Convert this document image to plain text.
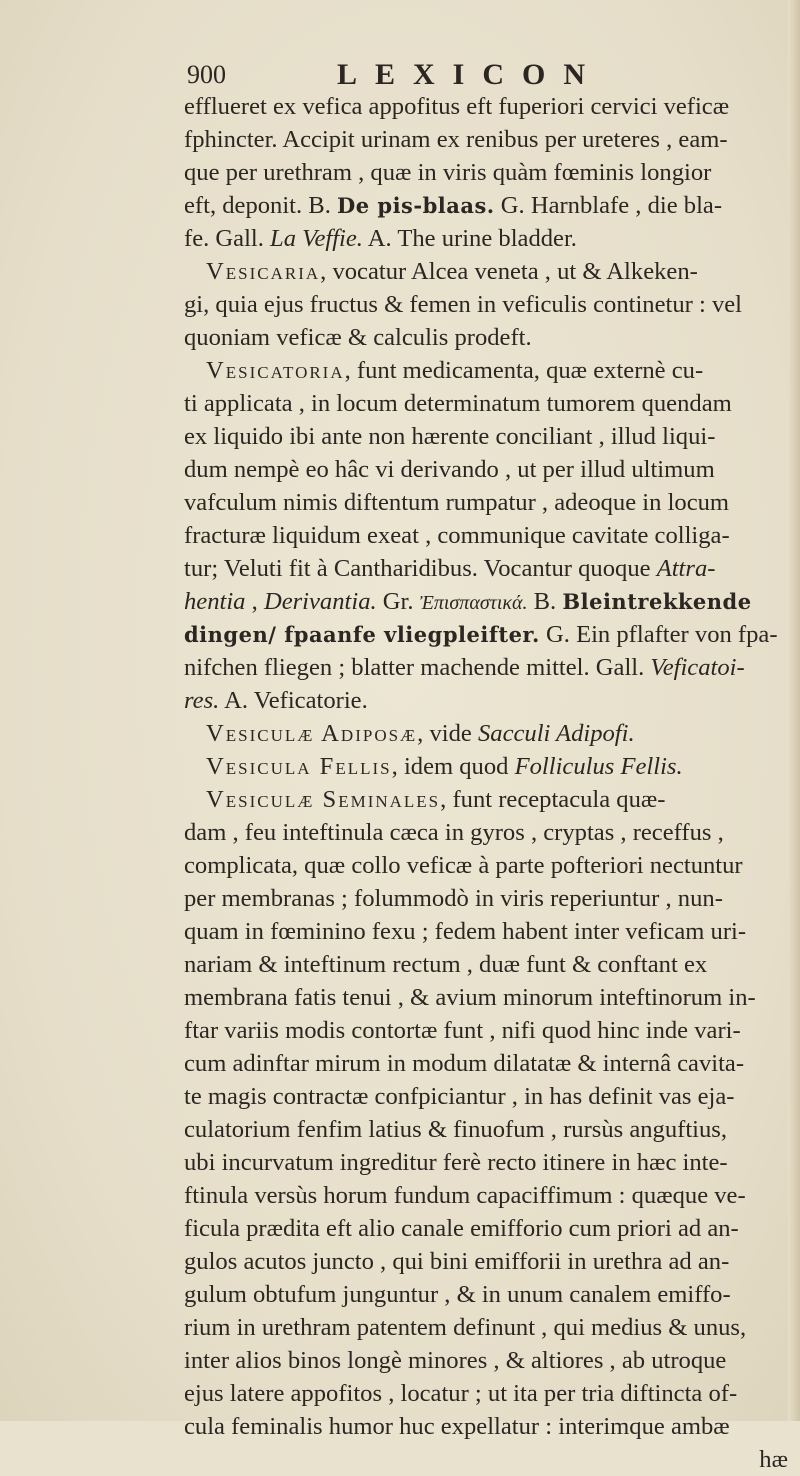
900	LEXICON
efflueret ex vefica appofitus eft fuperiori cervici veficæ
fphincter. Accipit urinam ex renibus per ureteres , eam-
que per urethram , quæ in viris quàm fœminis longior
eft, deponit. B. De pis-blaas. G. Harnblafe , die bla-
fe. Gall. La Veffie. A. The urine bladder.
Vesicaria, vocatur Alcea veneta , ut & Alkeken-
gi, quia ejus fructus & femen in veficulis continetur : vel
quoniam veficæ & calculis prodeft.
Vesicatoria, funt medicamenta, quæ externè cu-
ti applicata , in locum determinatum tumorem quendam
ex liquido ibi ante non hærente conciliant , illud liqui-
dum nempè eo hâc vi derivando , ut per illud ultimum
vafculum nimis diftentum rumpatur , adeoque in locum
fracturæ liquidum exeat , communique cavitate colliga-
tur; Veluti fit à Cantharidibus. Vocantur quoque Attra-
hentia , Derivantia. Gr. Ἐπισπαστικά. B. Bleintrekkende
dingen/ fpaanfe vliegpleifter. G. Ein pflafter von fpa-
nifchen fliegen ; blatter machende mittel. Gall. Veficatoi-
res. A. Veficatorie.
Vesiculæ Adiposæ, vide Sacculi Adipofi.
Vesicula Fellis, idem quod Folliculus Fellis.
Vesiculæ Seminales, funt receptacula quæ-
dam , feu inteftinula cæca in gyros , cryptas , receffus ,
complicata, quæ collo veficæ à parte pofteriori nectuntur
per membranas ; folummodò in viris reperiuntur , nun-
quam in fœminino fexu ; fedem habent inter veficam uri-
nariam & inteftinum rectum , duæ funt & conftant ex
membrana fatis tenui , & avium minorum inteftinorum in-
ftar variis modis contortæ funt , nifi quod hinc inde vari-
cum adinftar mirum in modum dilatatæ & internâ cavita-
te magis contractæ confpiciantur , in has definit vas eja-
culatorium fenfim latius & finuofum , rursùs anguftius,
ubi incurvatum ingreditur ferè recto itinere in hæc inte-
ftinula versùs horum fundum capaciffimum : quæque ve-
ficula prædita eft alio canale emifforio cum priori ad an-
gulos acutos juncto , qui bini emifforii in urethra ad an-
gulum obtufum junguntur , & in unum canalem emiffo-
rium in urethram patentem definunt , qui medius & unus,
inter alios binos longè minores , & altiores , ab utroque
ejus latere appofitos , locatur ; ut ita per tria diftincta of-
cula feminalis humor huc expellatur : interimque ambæ
hæ
